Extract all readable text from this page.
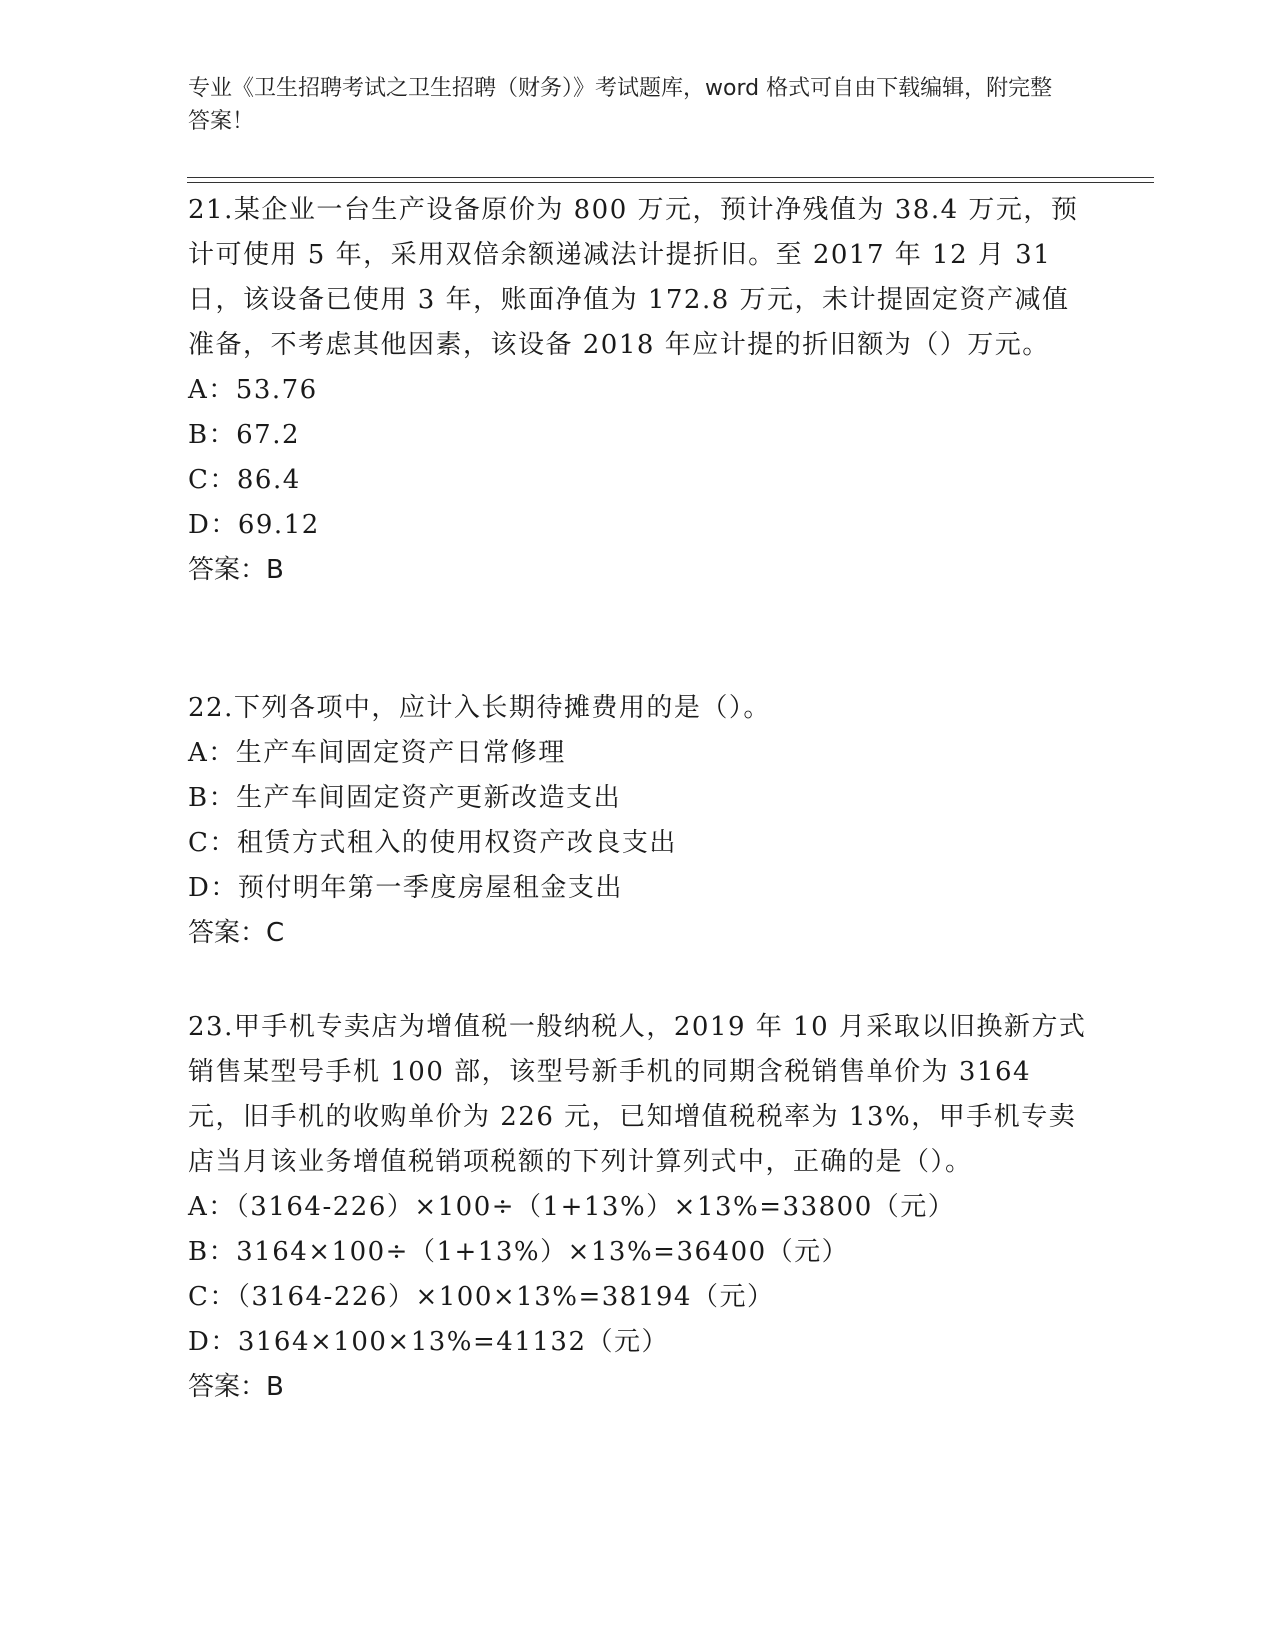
专业《卫生招聘考试之卫生招聘（财务）》考试题库，word 格式可自由下载编辑，附完整答案！

21.某企业一台生产设备原价为 800 万元，预计净残值为 38.4 万元，预计可使用 5 年，采用双倍余额递减法计提折旧。至 2017 年 12 月 31 日，该设备已使用 3 年，账面净值为 172.8 万元，未计提固定资产减值准备，不考虑其他因素，该设备 2018 年应计提的折旧额为（）万元。

A：53.76

B：67.2

C：86.4

D：69.12

答案：B

22.下列各项中，应计入长期待摊费用的是（）。

A：生产车间固定资产日常修理

B：生产车间固定资产更新改造支出

C：租赁方式租入的使用权资产改良支出

D：预付明年第一季度房屋租金支出

答案：C

23.甲手机专卖店为增值税一般纳税人，2019 年 10 月采取以旧换新方式销售某型号手机 100 部，该型号新手机的同期含税销售单价为 3164 元，旧手机的收购单价为 226 元，已知增值税税率为 13%，甲手机专卖店当月该业务增值税销项税额的下列计算列式中，正确的是（）。

A：（3164-226）×100÷（1+13%）×13%=33800（元）

B：3164×100÷（1+13%）×13%=36400（元）

C：（3164-226）×100×13%=38194（元）

D：3164×100×13%=41132（元）

答案：B
